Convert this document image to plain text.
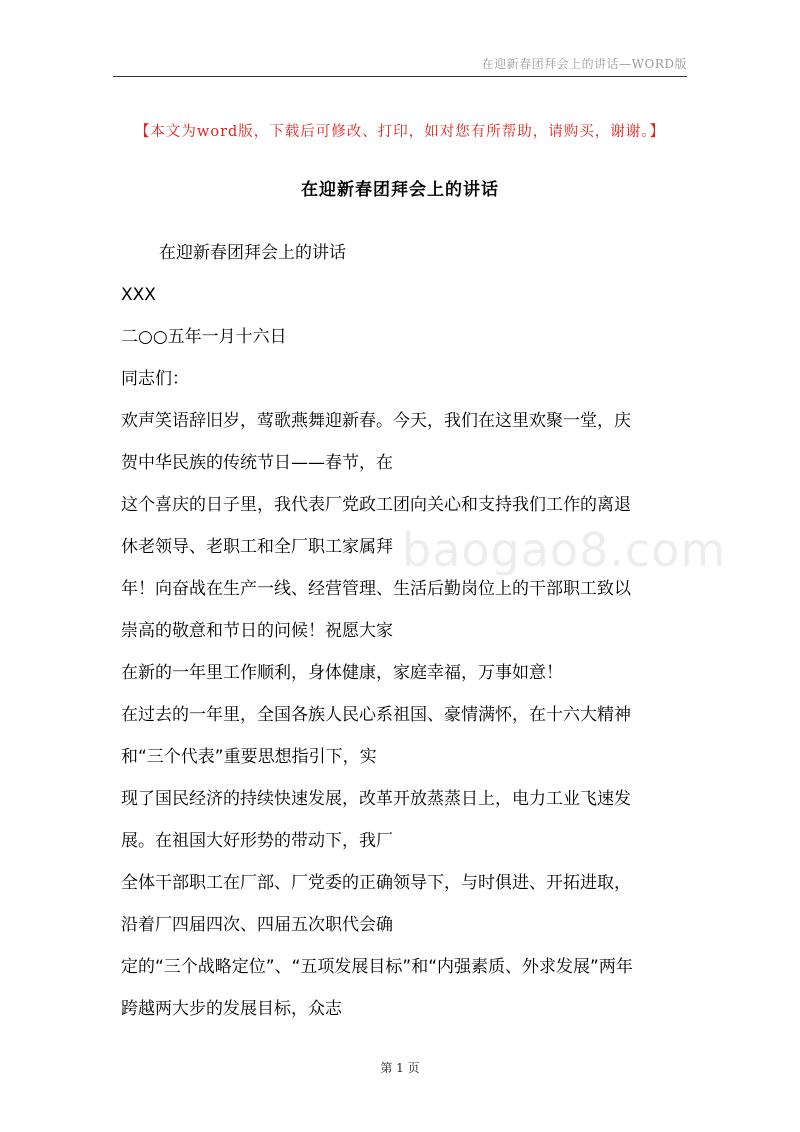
在迎新春团拜会上的讲话—WORD版
【本文为word版，下载后可修改、打印，如对您有所帮助，请购买，谢谢。】
在迎新春团拜会上的讲话
在迎新春团拜会上的讲话
XXX
二○○五年一月十六日
同志们：
欢声笑语辞旧岁，莺歌燕舞迎新春。今天，我们在这里欢聚一堂，庆
贺中华民族的传统节日——春节，在
这个喜庆的日子里，我代表厂党政工团向关心和支持我们工作的离退
休老领导、老职工和全厂职工家属拜
年！向奋战在生产一线、经营管理、生活后勤岗位上的干部职工致以
崇高的敬意和节日的问候！祝愿大家
在新的一年里工作顺利，身体健康，家庭幸福，万事如意！
在过去的一年里，全国各族人民心系祖国、豪情满怀，在十六大精神
和“三个代表”重要思想指引下，实
现了国民经济的持续快速发展，改革开放蒸蒸日上，电力工业飞速发
展。在祖国大好形势的带动下，我厂
全体干部职工在厂部、厂党委的正确领导下，与时俱进、开拓进取，
沿着厂四届四次、四届五次职代会确
定的“三个战略定位”、“五项发展目标”和“内强素质、外求发展”两年
跨越两大步的发展目标，众志
baogao8.com
第 1 页
